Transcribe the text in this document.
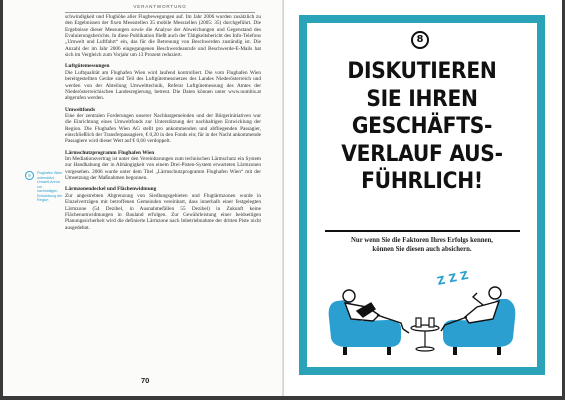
VERANTWORTUNG

schwindigkeit und Flughöhe aller Flugbewegungen auf. Im Jahr 2006 wurden zusätzlich zu den Ergebnissen der fixen Messstellen 35 mobile Messzellen (2005: 35) durchgeführt. Die Ergebnisse dieser Messungen sowie die Analyse der Abweichungen und Gegenstand des Evaluierungsberichts. In diese Publikation fließt auch der Tätigkeitsbericht des Info-Telefons „Umwelt und Luftfahrt“ ein, das für die Betreuung von Beschwerden zuständig ist. Die Anzahl der im Jahr 2006 eingegangenen Beschwerdeanrufe und Beschwerde-E-Mails hat sich im Vergleich zum Vorjahr um 13 Prozent reduziert.

Luftgütemessungen

Die Luftqualität am Flughafen Wien wird laufend kontrolliert. Die vom Flughafen Wien bereitgestellten Geräte sind Teil des Luftgütemessnetzes des Landes Niederösterreich und werden von der Abteilung Umwelttechnik, Referat Luftgütemessung des Amtes der Niederösterreichischen Landesregierung, betreut. Die Daten können unter www.numbis.at abgerufen werden.

Umweltfonds

Eine der zentralen Forderungen unserer Nachbargemeinden und der Bürgerinitiativen war die Einrichtung eines Umweltfonds zur Unterstützung der nachhaltigen Entwicklung der Region. Die Flughafen Wien AG stellt pro ankommenden und abfliegenden Passagier, einschließlich der Transferpassagiere, € 0,20 in den Fonds ein; für in der Nacht ankommende Passagiere wird dieser Wert auf € 0,60 verdoppelt.

Lärmschutzprogramm Flughafen Wien

Im Mediationsvertrag ist unter den Vereinbarungen zum technischen Lärmschutz ein System zur Handhabung der in Abhängigkeit von einem Drei-Pisten-System erwarteten Lärmzonen vorgesehen. 2006 wurde unter dem Titel „Lärmschutzprogramm Flughafen Wien“ mit der Umsetzung der Maßnahmen begonnen.

Lärmzonendeckel und Flächenwidmung

Zur angestrebten Abgrenzung von Siedlungsgebieten und Flugtärmzonen wurde in Einzelverträgen mit betroffenen Gemeinden vereinbart, dass innerhalb einer festgelegten Lärmzone (54 Dezibel, in Ausnahmefällen 55 Dezibel) in Zukunft keine Flächenumwidmungen in Bauland erfolgen. Zur Gewährleistung einer beidseitigen Planungssicherheit wird die definierte Lärmzone nach Inbetriebnahme der dritten Piste nicht ausgedehnt.

9	Flughafen Wien unterstützt Umwelt-Arena zur nachhaltigen Entwicklung der Region
70
8
DISKUTIEREN
SIE IHREN
GESCHÄFTS-
VERLAUF AUS-
FÜHRLICH!
Nur wenn Sie die Faktoren Ihres Erfolgs kennen,
können Sie diesen auch absichern.
Z Z Z
